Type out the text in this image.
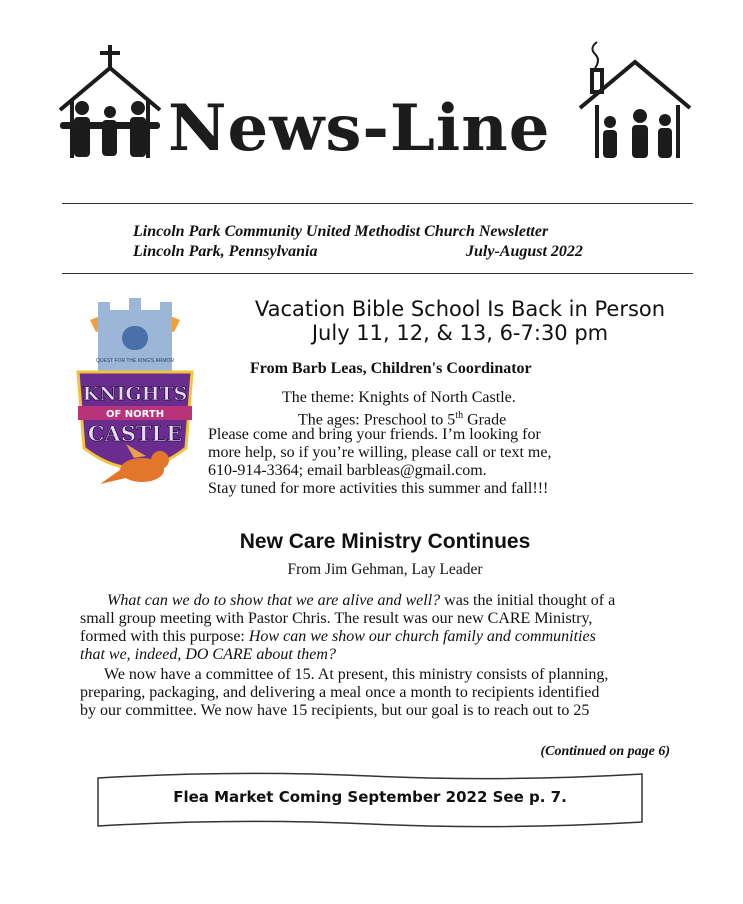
News-Line
Lincoln Park Community United Methodist Church Newsletter
Lincoln Park, Pennsylvania	July-August 2022
QUEST FOR THE KING'S ARMOR
KNIGHTS
OF NORTH
CASTLE
Vacation Bible School Is Back in Person
July 11, 12, & 13, 6-7:30 pm
From Barb Leas, Children's Coordinator
The theme: Knights of North Castle.
The ages: Preschool to 5th Grade
Please come and bring your friends. I’m looking for
more help, so if you’re willing, please call or text me,
610-914-3364; email barbleas@gmail.com.
Stay tuned for more activities this summer and fall!!!
New Care Ministry Continues
From Jim Gehman, Lay Leader
What can we do to show that we are alive and well? was the initial thought of a
small group meeting with Pastor Chris. The result was our new CARE Ministry,
formed with this purpose: How can we show our church family and communities
that we, indeed, DO CARE about them?
We now have a committee of 15. At present, this ministry consists of planning,
preparing, packaging, and delivering a meal once a month to recipients identified
by our committee. We now have 15 recipients, but our goal is to reach out to 25
(Continued on page 6)
Flea Market Coming September 2022 See p. 7.
